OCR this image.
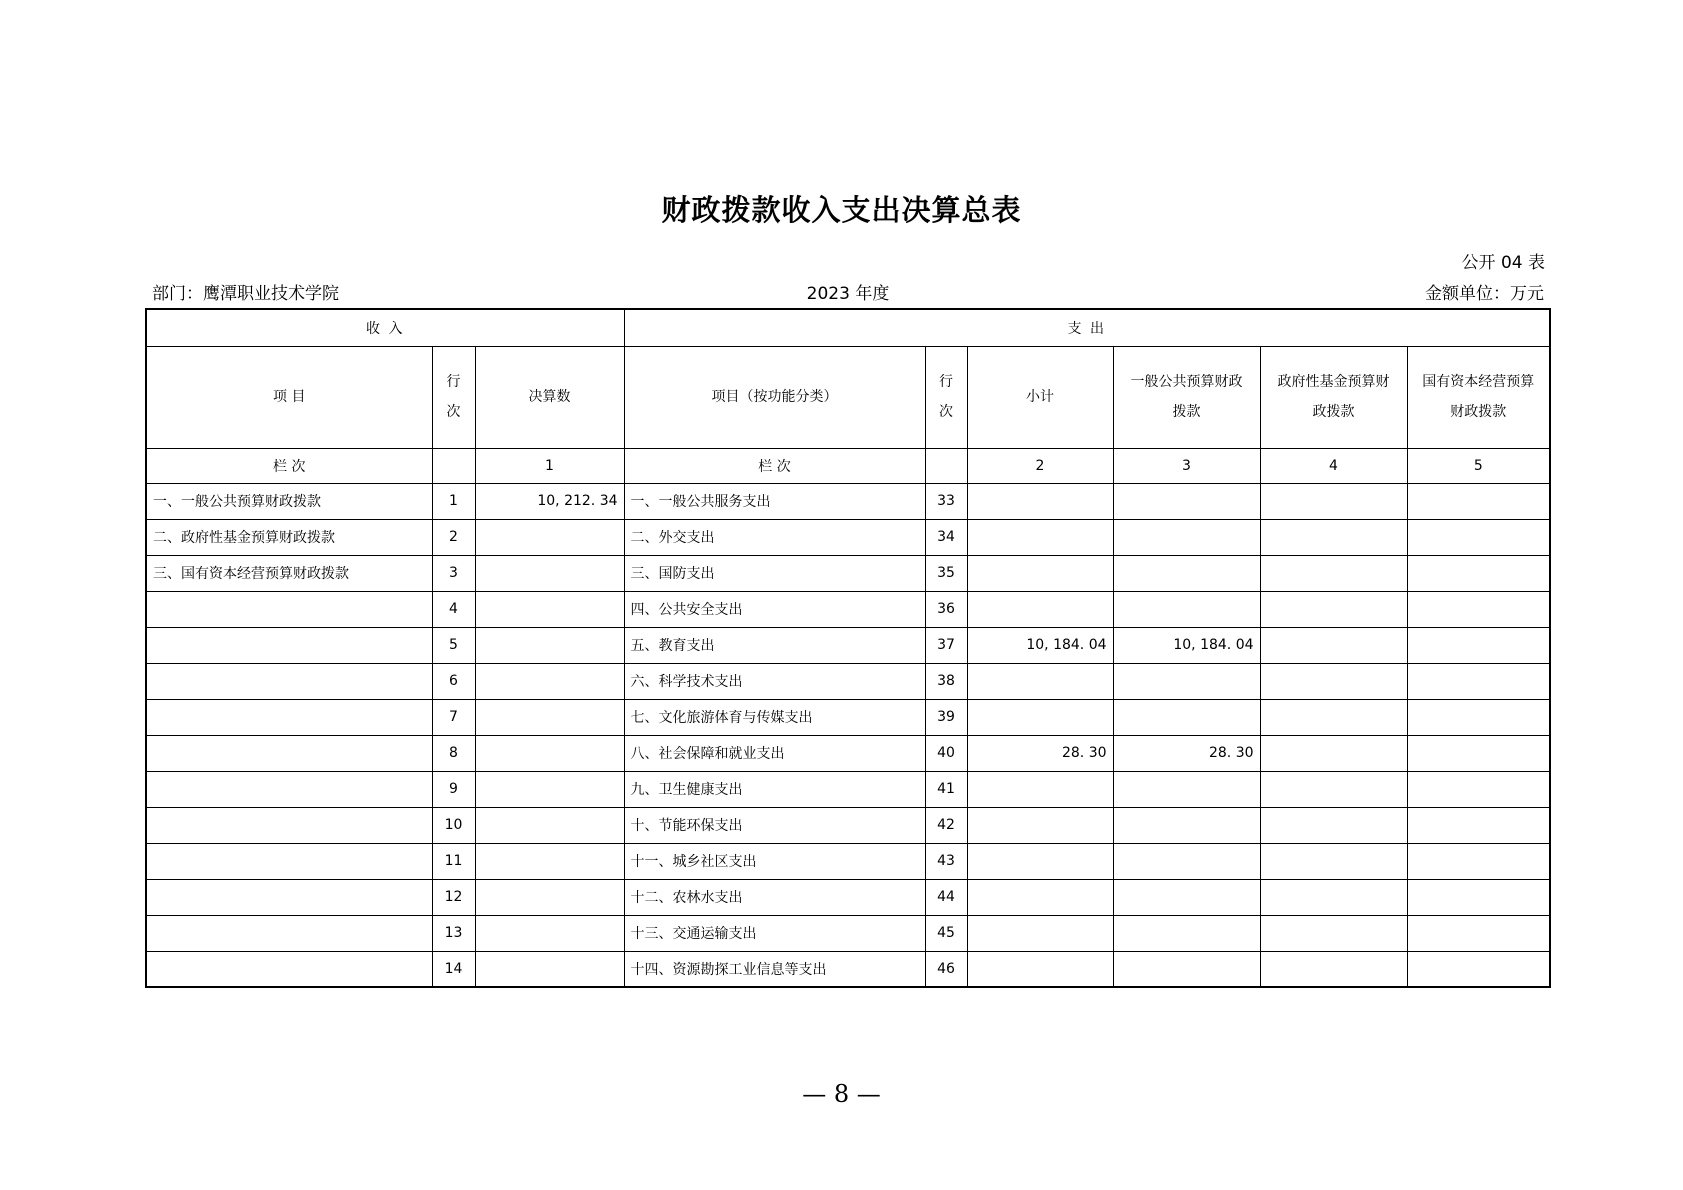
财政拨款收入支出决算总表
公开 04 表
部门：鹰潭职业技术学院	2023 年度	金额单位：万元
收 入			支 出					
项 目	行次	决算数	项目（按功能分类）	行次	小计	一般公共预算财政拨款	政府性基金预算财政拨款	国有资本经营预算财政拨款
栏 次		1	栏 次		2	3	4	5
一、一般公共预算财政拨款	1	10, 212. 34	一、一般公共服务支出	33				
二、政府性基金预算财政拨款	2		二、外交支出	34				
三、国有资本经营预算财政拨款	3		三、国防支出	35				
	4		四、公共安全支出	36				
	5		五、教育支出	37	10, 184. 04	10, 184. 04		
	6		六、科学技术支出	38				
	7		七、文化旅游体育与传媒支出	39				
	8		八、社会保障和就业支出	40	28. 30	28. 30		
	9		九、卫生健康支出	41				
	10		十、节能环保支出	42				
	11		十一、城乡社区支出	43				
	12		十二、农林水支出	44				
	13		十三、交通运输支出	45				
	14		十四、资源勘探工业信息等支出	46				
— 8 —
